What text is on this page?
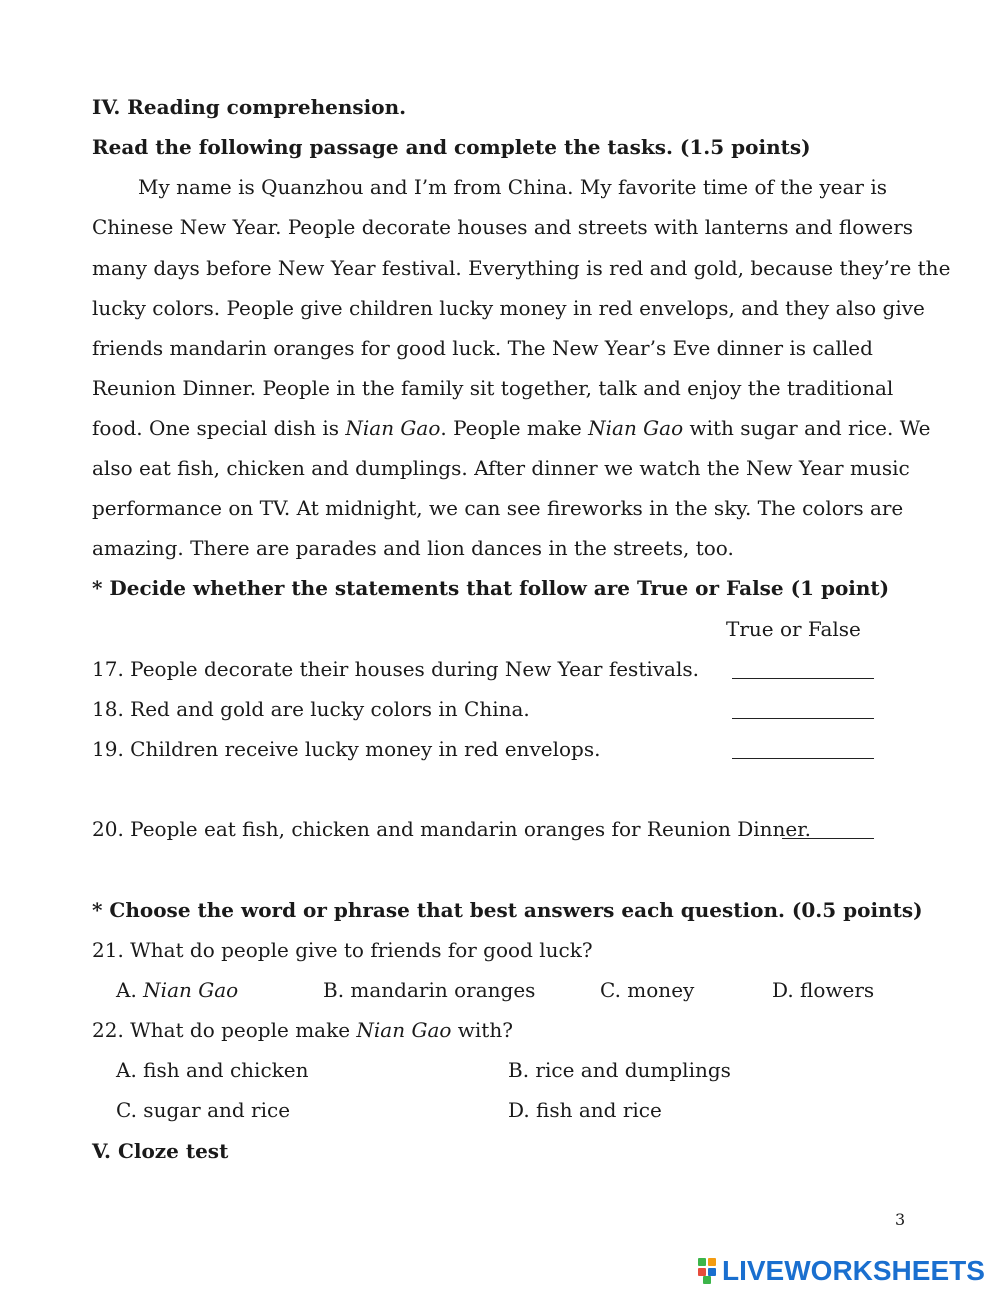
IV. Reading comprehension.
Read the following passage and complete the tasks. (1.5 points)
My name is Quanzhou and I’m from China. My favorite time of the year is
Chinese New Year. People decorate houses and streets with lanterns and flowers
many days before New Year festival. Everything is red and gold, because they’re the
lucky colors. People give children lucky money in red envelops, and they also give
friends mandarin oranges for good luck. The New Year’s Eve dinner is called
Reunion Dinner. People in the family sit together, talk and enjoy the traditional
food. One special dish is Nian Gao. People make Nian Gao with sugar and rice. We
also eat fish, chicken and dumplings. After dinner we watch the New Year music
performance on TV. At midnight, we can see fireworks in the sky. The colors are
amazing. There are parades and lion dances in the streets, too.
* Decide whether the statements that follow are True or False (1 point)
True or False
17. People decorate their houses during New Year festivals.
18. Red and gold are lucky colors in China.
19. Children receive lucky money in red envelops.
20. People eat fish, chicken and mandarin oranges for Reunion Dinner.
* Choose the word or phrase that best answers each question. (0.5 points)
21. What do people give to friends for good luck?
A. Nian Gao	B. mandarin oranges	C. money	D. flowers
22. What do people make Nian Gao with?
A. fish and chicken	B. rice and dumplings
C. sugar and rice	D. fish and rice
V. Cloze test
3
LIVEWORKSHEETS
